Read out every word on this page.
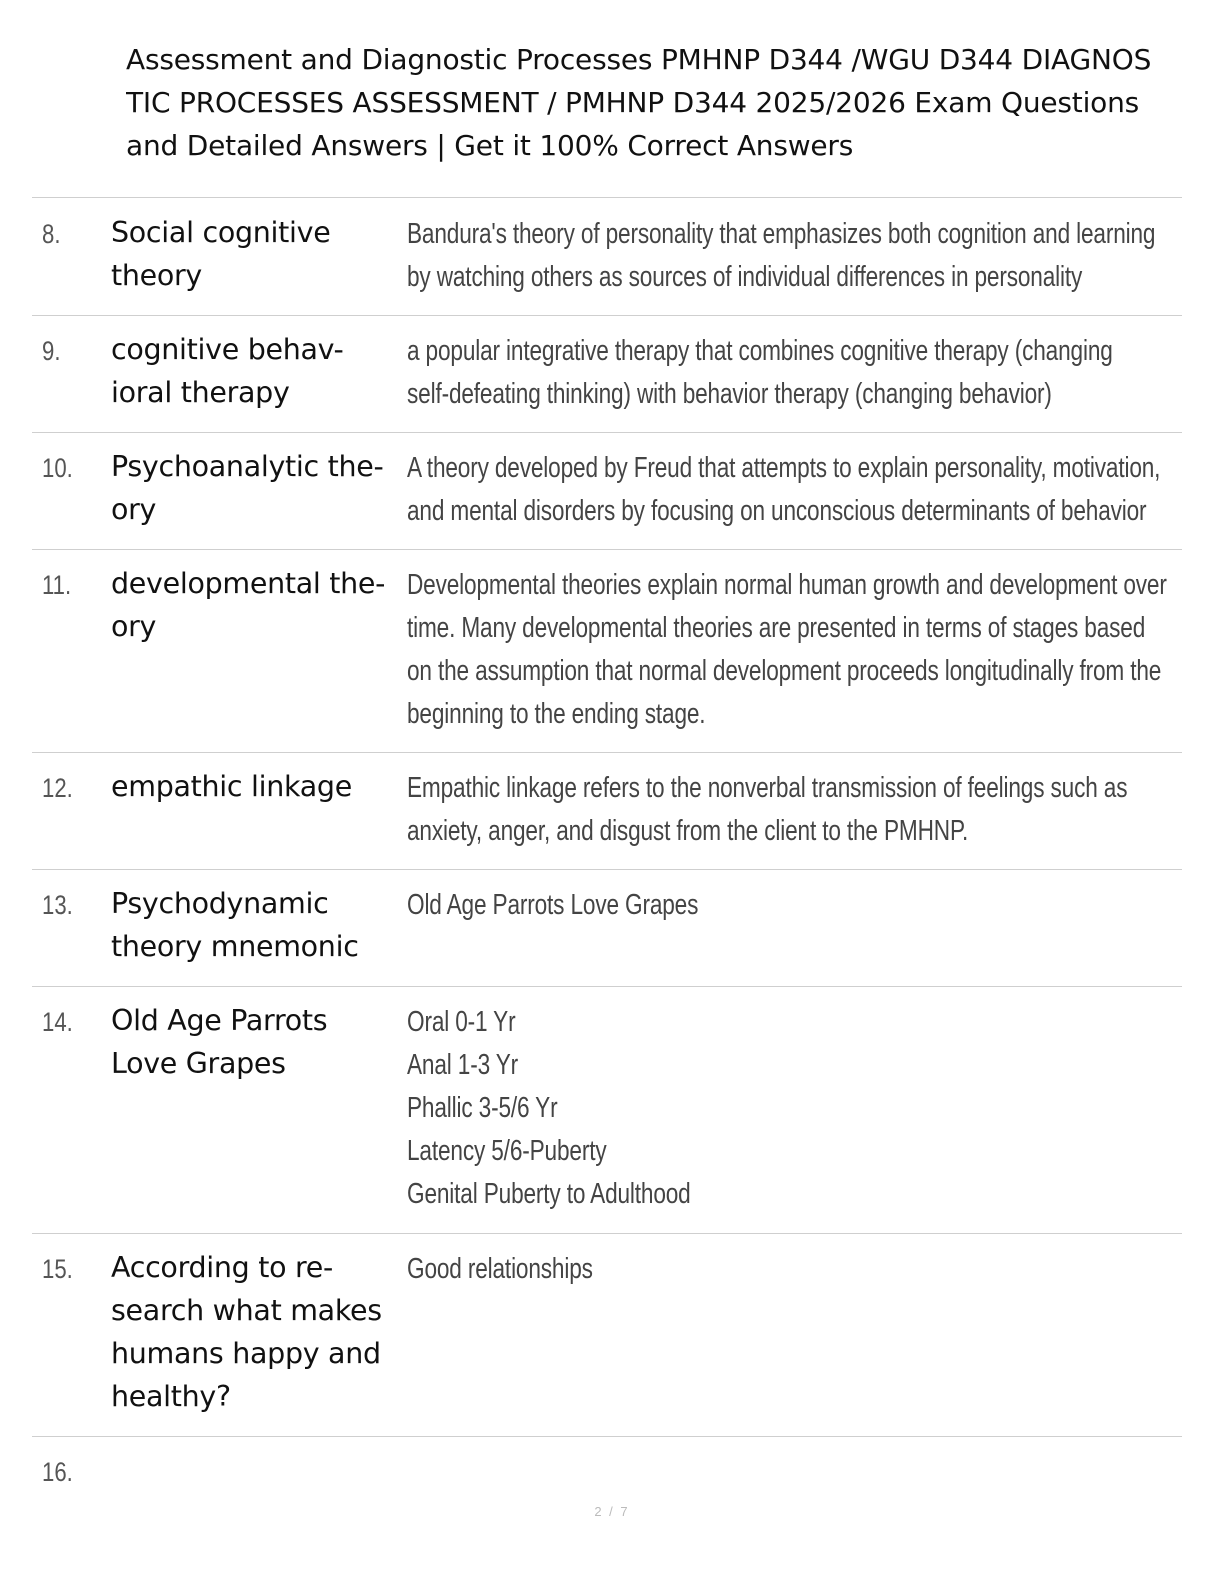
Assessment and Diagnostic Processes PMHNP D344 /WGU D344 DIAGNOS
TIC PROCESSES ASSESSMENT / PMHNP D344 2025/2026 Exam Questions
and Detailed Answers | Get it 100% Correct Answers
8. Social cognitive
theory
Bandura's theory of personality that emphasizes both cognition and learning
by watching others as sources of individual differences in personality
9. cognitive behav-
ioral therapy
a popular integrative therapy that combines cognitive therapy (changing
self-defeating thinking) with behavior therapy (changing behavior)
10. Psychoanalytic the-
ory
A theory developed by Freud that attempts to explain personality, motivation,
and mental disorders by focusing on unconscious determinants of behavior
11. developmental the-
ory
Developmental theories explain normal human growth and development over
time. Many developmental theories are presented in terms of stages based
on the assumption that normal development proceeds longitudinally from the
beginning to the ending stage.
12. empathic linkage	Empathic linkage refers to the nonverbal transmission of feelings such as
anxiety, anger, and disgust from the client to the PMHNP.
13. Psychodynamic
theory mnemonic
Old Age Parrots Love Grapes
14. Old Age Parrots
Love Grapes
Oral 0-1 Yr
Anal 1-3 Yr
Phallic 3-5/6 Yr
Latency 5/6-Puberty
Genital Puberty to Adulthood
15. According to re-
search what makes
humans happy and
healthy?
Good relationships
16.
2 / 7
